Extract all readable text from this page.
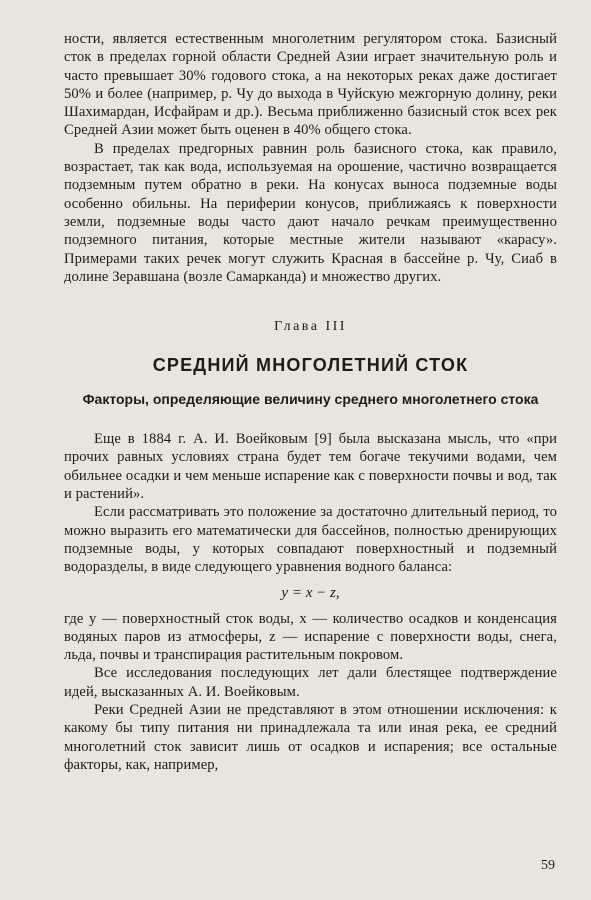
ности, является естественным многолетним регулятором стока. Базисный сток в пределах горной области Средней Азии играет значительную роль и часто превышает 30% годового стока, а на некоторых реках даже достигает 50% и более (например, р. Чу до выхода в Чуйскую межгорную долину, реки Шахимардан, Исфайрам и др.). Весьма приближенно базисный сток всех рек Средней Азии может быть оценен в 40% общего стока.

В пределах предгорных равнин роль базисного стока, как правило, возрастает, так как вода, используемая на орошение, частично возвращается подземным путем обратно в реки. На конусах выноса подземные воды особенно обильны. На периферии конусов, приближаясь к поверхности земли, подземные воды часто дают начало речкам преимущественно подземного питания, которые местные жители называют «карасу». Примерами таких речек могут служить Красная в бассейне р. Чу, Сиаб в долине Зеравшана (возле Самарканда) и множество других.

Глава III
СРЕДНИЙ МНОГОЛЕТНИЙ СТОК
Факторы, определяющие величину среднего многолетнего стока

Еще в 1884 г. А. И. Воейковым [9] была высказана мысль, что «при прочих равных условиях страна будет тем богаче текучими водами, чем обильнее осадки и чем меньше испарение как с поверхности почвы и вод, так и растений».

Если рассматривать это положение за достаточно длительный период, то можно выразить его математически для бассейнов, полностью дренирующих подземные воды, у которых совпадают поверхностный и подземный водоразделы, в виде следующего уравнения водного баланса:

y = x − z,

где y — поверхностный сток воды, x — количество осадков и конденсация водяных паров из атмосферы, z — испарение с поверхности воды, снега, льда, почвы и транспирация растительным покровом.

Все исследования последующих лет дали блестящее подтверждение идей, высказанных А. И. Воейковым.

Реки Средней Азии не представляют в этом отношении исключения: к какому бы типу питания ни принадлежала та или иная река, ее средний многолетний сток зависит лишь от осадков и испарения; все остальные факторы, как, например,

59
